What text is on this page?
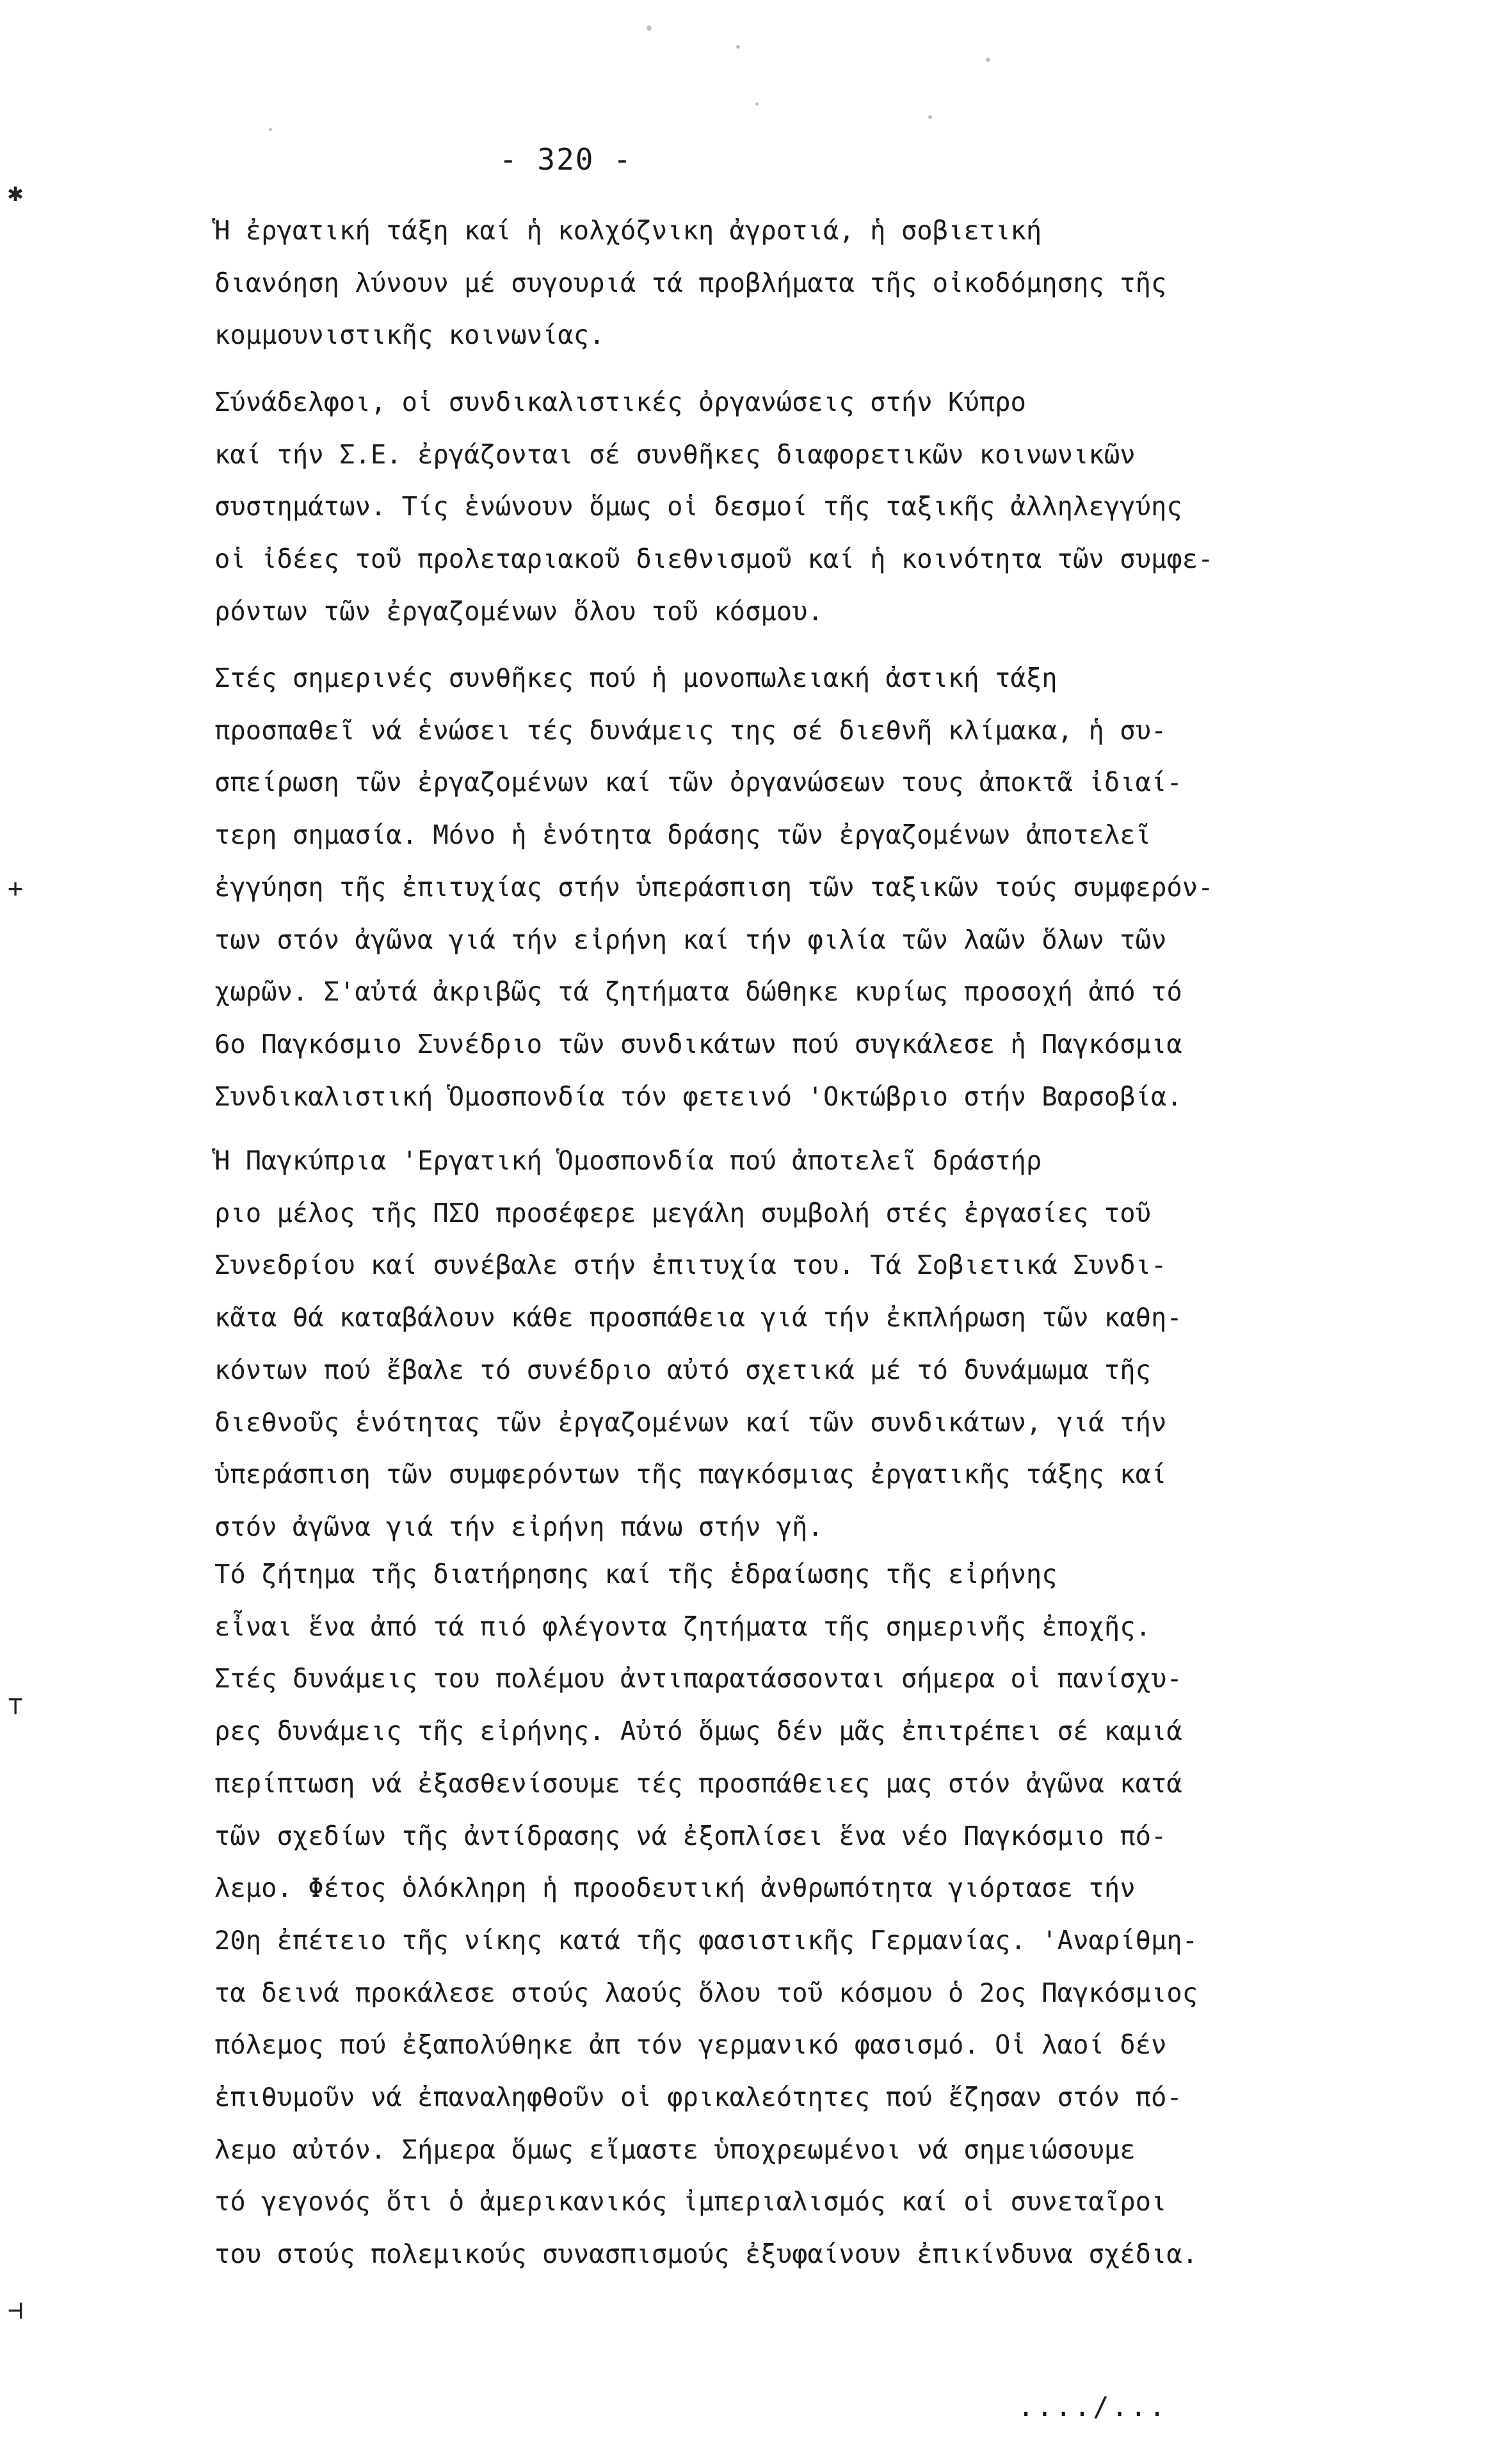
✱
+
⊤
⊣
- 320 -

Ἡ ἐργατική τάξη καί ἡ κολχόζνικη ἀγροτιά, ἡ σοβιετική
διανόηση λύνουν μέ συγουριά τά προβλήματα τῆς οἰκοδόμησης τῆς
κομμουνιστικῆς κοινωνίας.

Σύνάδελφοι, οἱ συνδικαλιστικές ὀργανώσεις στήν Κύπρο
καί τήν Σ.Ε. ἐργάζονται σέ συνθῆκες διαφορετικῶν κοινωνικῶν
συστημάτων. Τίς ἑνώνουν ὅμως οἱ δεσμοί τῆς ταξικῆς ἀλληλεγγύης
οἱ ἰδέες τοῦ προλεταριακοῦ διεθνισμοῦ καί ἡ κοινότητα τῶν συμφε-
ρόντων τῶν ἐργαζομένων ὅλου τοῦ κόσμου.

Στές σημερινές συνθῆκες πού ἡ μονοπωλειακή ἀστική τάξη
προσπαθεῖ νά ἑνώσει τές δυνάμεις της σέ διεθνῆ κλίμακα, ἡ συ-
σπείρωση τῶν ἐργαζομένων καί τῶν ὀργανώσεων τους ἀποκτᾶ ἰδιαί-
τερη σημασία. Μόνο ἡ ἑνότητα δράσης τῶν ἐργαζομένων ἀποτελεῖ
ἐγγύηση τῆς ἐπιτυχίας στήν ὑπεράσπιση τῶν ταξικῶν τούς συμφερόν-
των στόν ἀγῶνα γιά τήν εἰρήνη καί τήν φιλία τῶν λαῶν ὅλων τῶν
χωρῶν. Σ'αὐτά ἀκριβῶς τά ζητήματα δώθηκε κυρίως προσοχή ἀπό τό
6ο Παγκόσμιο Συνέδριο τῶν συνδικάτων πού συγκάλεσε ἡ Παγκόσμια
Συνδικαλιστική Ὁμοσπονδία τόν φετεινό 'Οκτώβριο στήν Βαρσοβία.

Ἡ Παγκύπρια 'Εργατική Ὁμοσπονδία πού ἀποτελεῖ δράστήρ
ριο μέλος τῆς ΠΣΟ προσέφερε μεγάλη συμβολή στές ἐργασίες τοῦ
Συνεδρίου καί συνέβαλε στήν ἐπιτυχία του. Τά Σοβιετικά Συνδι-
κᾶτα θά καταβάλουν κάθε προσπάθεια γιά τήν ἐκπλήρωση τῶν καθη-
κόντων πού ἔβαλε τό συνέδριο αὐτό σχετικά μέ τό δυνάμωμα τῆς
διεθνοῦς ἑνότητας τῶν ἐργαζομένων καί τῶν συνδικάτων, γιά τήν
ὑπεράσπιση τῶν συμφερόντων τῆς παγκόσμιας ἐργατικῆς τάξης καί
στόν ἀγῶνα γιά τήν εἰρήνη πάνω στήν γῆ.

Τό ζήτημα τῆς διατήρησης καί τῆς ἑδραίωσης τῆς εἰρήνης
εἶναι ἕνα ἀπό τά πιό φλέγοντα ζητήματα τῆς σημερινῆς ἐποχῆς.
Στές δυνάμεις του πολέμου ἀντιπαρατάσσονται σήμερα οἱ πανίσχυ-
ρες δυνάμεις τῆς εἰρήνης. Αὐτό ὅμως δέν μᾶς ἐπιτρέπει σέ καμιά
περίπτωση νά ἐξασθενίσουμε τές προσπάθειες μας στόν ἀγῶνα κατά
τῶν σχεδίων τῆς ἀντίδρασης νά ἐξοπλίσει ἕνα νέο Παγκόσμιο πό-
λεμο. Φέτος ὁλόκληρη ἡ προοδευτική ἀνθρωπότητα γιόρτασε τήν
20η ἐπέτειο τῆς νίκης κατά τῆς φασιστικῆς Γερμανίας. 'Αναρίθμη-
τα δεινά προκάλεσε στούς λαούς ὅλου τοῦ κόσμου ὁ 2ος Παγκόσμιος
πόλεμος πού ἐξαπολύθηκε ἀπ τόν γερμανικό φασισμό. Οἱ λαοί δέν
ἐπιθυμοῦν νά ἐπαναληφθοῦν οἱ φρικαλεότητες πού ἔζησαν στόν πό-
λεμο αὐτόν. Σήμερα ὅμως εἴμαστε ὑποχρεωμένοι νά σημειώσουμε
τό γεγονός ὅτι ὁ ἀμερικανικός ἰμπεριαλισμός καί οἱ συνεταῖροι
του στούς πολεμικούς συνασπισμούς ἐξυφαίνουν ἐπικίνδυνα σχέδια.

..../...
